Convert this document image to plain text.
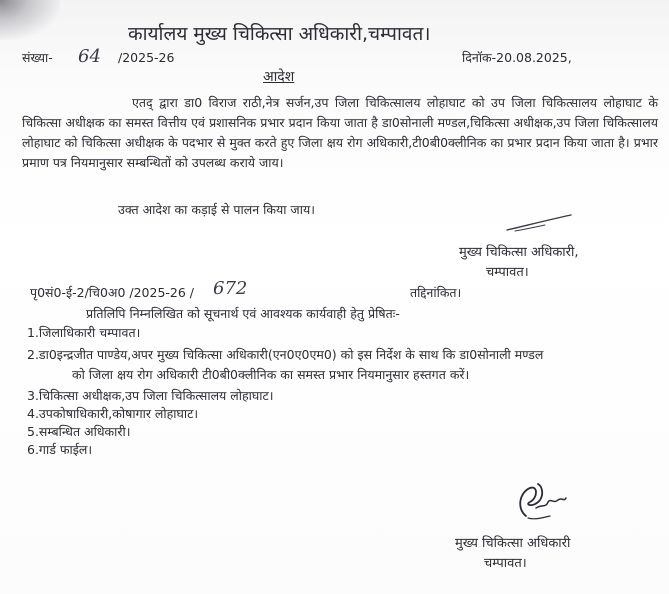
कार्यालय मुख्य चिकित्सा अधिकारी,चम्पावत।
संख्या- 64 /2025-26	दिनॉक-20.08.2025,
आदेश
एतद् द्वारा डा0 विराज राठी,नेत्र सर्जन,उप जिला चिकित्सालय लोहाघाट को उप जिला चिकित्सालय लोहाघाट के चिकित्सा अधीक्षक का समस्त वित्तीय एवं प्रशासनिक प्रभार प्रदान किया जाता है डा0सोनाली मण्डल,चिकित्सा अधीक्षक,उप जिला चिकित्सालय लोहाघाट को चिकित्सा अधीक्षक के पदभार से मुक्त करते हुए जिला क्षय रोग अधिकारी,टी0बी0क्लीनिक का प्रभार प्रदान किया जाता है। प्रभार प्रमाण पत्र नियमानुसार सम्बन्धितों को उपलब्ध कराये जाय।
उक्त आदेश का कड़ाई से पालन किया जाय।
मुख्य चिकित्सा अधिकारी,
चम्पावत।
पृ0सं0-ई-2/चि0अ0 /2025-26 / 672	तद्दिनांकित।
प्रतिलिपि निम्नलिखित को सूचनार्थ एवं आवश्यक कार्यवाही हेतु प्रेषितः-
1.जिलाधिकारी चम्पावत।
2.डा0इन्द्रजीत पाण्डेय,अपर मुख्य चिकित्सा अधिकारी(एन0ए0एम0) को इस निर्देश के साथ कि डा0सोनाली मण्डल
को जिला क्षय रोग अधिकारी टी0बी0क्लीनिक का समस्त प्रभार नियमानुसार हस्तगत करें।
3.चिकित्सा अधीक्षक,उप जिला चिकित्सालय लोहाघाट।
4.उपकोषाधिकारी,कोषागार लोहाघाट।
5.सम्बन्धित अधिकारी।
6.गार्ड फाईल।
मुख्य चिकित्सा अधिकारी
चम्पावत।
